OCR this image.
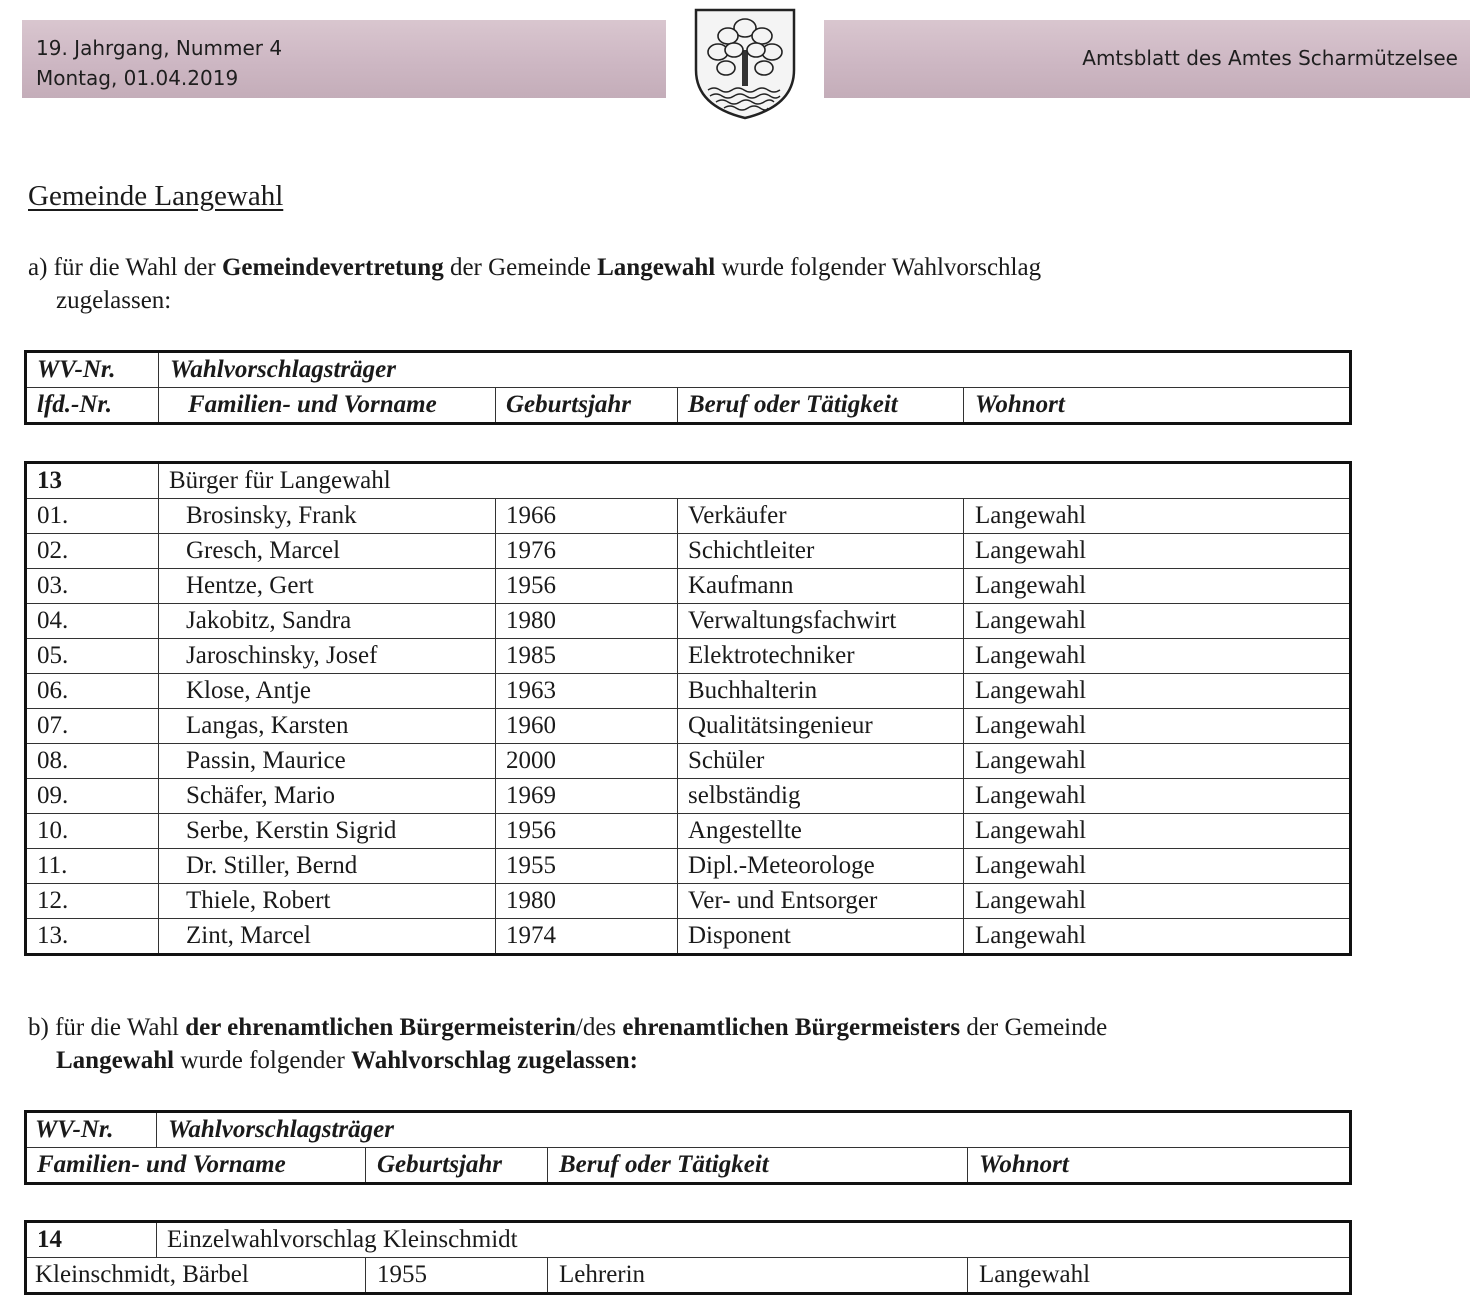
19. Jahrgang, Nummer 4
Montag, 01.04.2019
Amtsblatt des Amtes Scharmützelsee
Gemeinde Langewahl
a) für die Wahl der Gemeindevertretung der Gemeinde Langewahl wurde folgender Wahlvorschlag
zugelassen:
WV-Nr.	Wahlvorschlagsträger
lfd.-Nr.	Familien- und Vorname	Geburtsjahr	Beruf oder Tätigkeit	Wohnort
13	Bürger für Langewahl
01.	Brosinsky, Frank	1966	Verkäufer	Langewahl
02.	Gresch, Marcel	1976	Schichtleiter	Langewahl
03.	Hentze, Gert	1956	Kaufmann	Langewahl
04.	Jakobitz, Sandra	1980	Verwaltungsfachwirt	Langewahl
05.	Jaroschinsky, Josef	1985	Elektrotechniker	Langewahl
06.	Klose, Antje	1963	Buchhalterin	Langewahl
07.	Langas, Karsten	1960	Qualitätsingenieur	Langewahl
08.	Passin, Maurice	2000	Schüler	Langewahl
09.	Schäfer, Mario	1969	selbständig	Langewahl
10.	Serbe, Kerstin Sigrid	1956	Angestellte	Langewahl
11.	Dr. Stiller, Bernd	1955	Dipl.-Meteorologe	Langewahl
12.	Thiele, Robert	1980	Ver- und Entsorger	Langewahl
13.	Zint, Marcel	1974	Disponent	Langewahl
b) für die Wahl der ehrenamtlichen Bürgermeisterin/des ehrenamtlichen Bürgermeisters der Gemeinde
Langewahl wurde folgender Wahlvorschlag zugelassen:
WV-Nr.	Wahlvorschlagsträger
Familien- und Vorname	Geburtsjahr	Beruf oder Tätigkeit	Wohnort
14	Einzelwahlvorschlag Kleinschmidt
Kleinschmidt, Bärbel	1955	Lehrerin	Langewahl
